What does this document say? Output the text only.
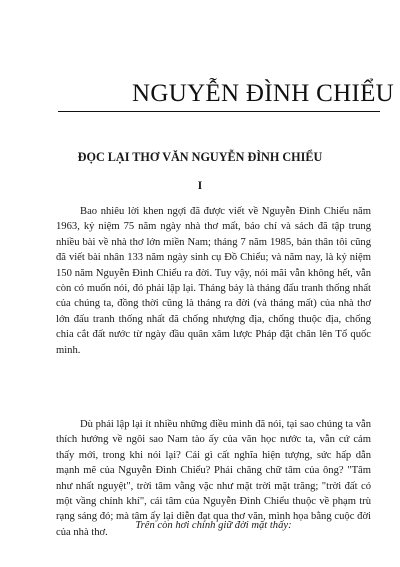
NGUYỄN ĐÌNH CHIỂU
ĐỌC LẠI THƠ VĂN NGUYỄN ĐÌNH CHIỂU
I

Bao nhiêu lời khen ngợi đã được viết về Nguyễn Đình Chiểu năm 1963, kỷ niệm 75 năm ngày nhà thơ mất, báo chí và sách đã tập trung nhiều bài về nhà thơ lớn miền Nam; tháng 7 năm 1985, bản thân tôi cũng đã viết bài nhân 133 năm ngày sinh cụ Đồ Chiểu; và năm nay, là kỷ niệm 150 năm Nguyễn Đình Chiểu ra đời. Tuy vậy, nói mãi vẫn không hết, vẫn còn có muốn nói, đó phải lập lại. Tháng bảy là tháng đấu tranh thống nhất của chúng ta, đồng thời cũng là tháng ra đời (và tháng mất) của nhà thơ lớn đấu tranh thống nhất đã chống nhượng địa, chống thuộc địa, chống chia cắt đất nước từ ngày đầu quân xâm lược Pháp đặt chân lên Tổ quốc mình.

Dù phải lập lại ít nhiều những điều mình đã nói, tại sao chúng ta vẫn thích hướng về ngôi sao Nam tào ấy của văn học nước ta, vẫn cứ cảm thấy mới, trong khi nói lại? Cái gì cất nghĩa hiện tượng, sức hấp dẫn mạnh mẽ của Nguyễn Đình Chiểu? Phải chăng chữ tâm của ông? "Tâm như nhất nguyệt", trời tâm vằng vặc như mặt trời mặt trăng; "trời đất có một vầng chính khí", cái tâm của Nguyễn Đình Chiểu thuộc về phạm trù rạng sáng đó; mà tâm ấy lại diễn đạt qua thơ văn, mình họa bằng cuộc đời của nhà thơ.

Trên còn hơi chính giữ đời mặt thấy:
